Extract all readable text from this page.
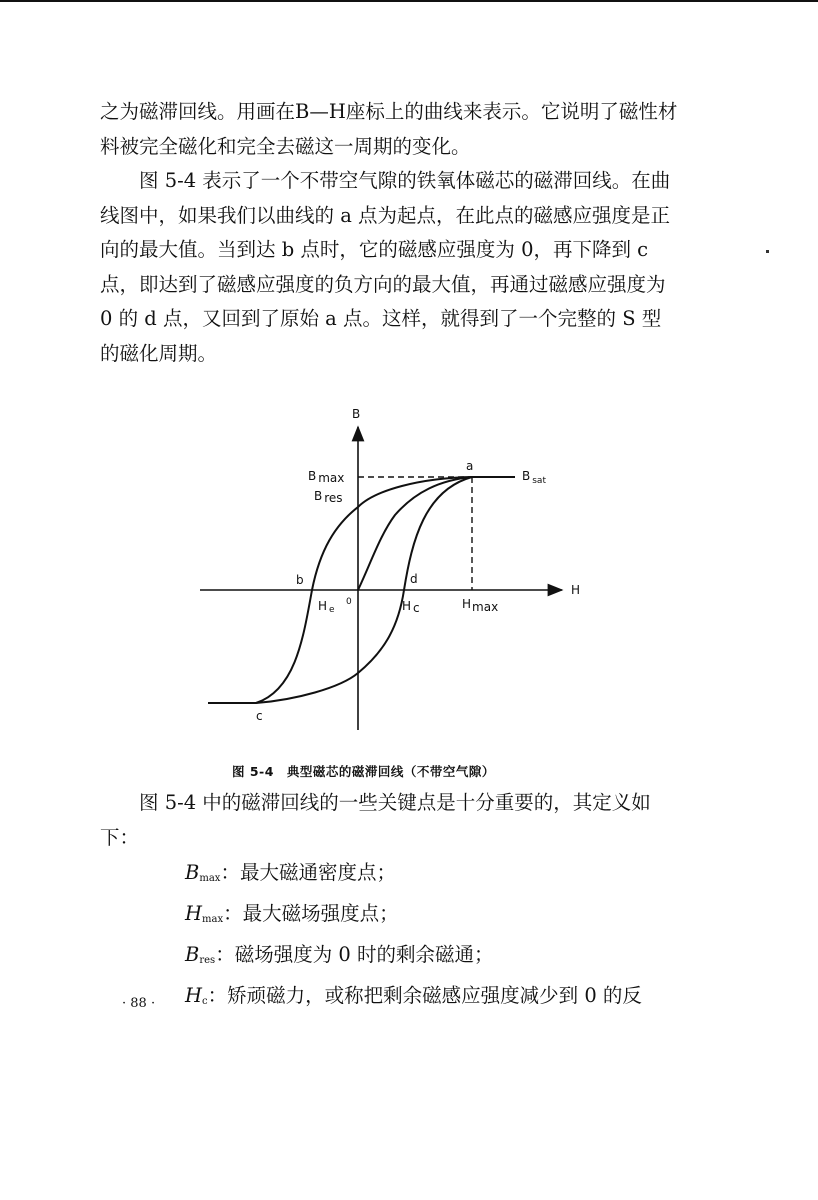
之为磁滞回线。用画在B—H座标上的曲线来表示。它说明了磁性材料被完全磁化和完全去磁这一周期的变化。

图 5-4 表示了一个不带空气隙的铁氧体磁芯的磁滞回线。在曲线图中，如果我们以曲线的 a 点为起点，在此点的磁感应强度是正向的最大值。当到达 b 点时，它的磁感应强度为 0，再下降到 c 点，即达到了磁感应强度的负方向的最大值，再通过磁感应强度为 0 的 d 点，又回到了原始 a 点。这样，就得到了一个完整的 S 型的磁化周期。

B
H
B max
B res
B sat
a
b
c
d
H e
0	H c	Hmax

图 5-4　典型磁芯的磁滞回线（不带空气隙）

图 5-4 中的磁滞回线的一些关键点是十分重要的，其定义如下：

$B_{max}$：最大磁通密度点；
$H_{max}$：最大磁场强度点；
$B_{res}$：磁场强度为 0 时的剩余磁通；
$H_c$：矫顽磁力，或称把剩余磁感应强度减少到 0 的反

· 88 ·
